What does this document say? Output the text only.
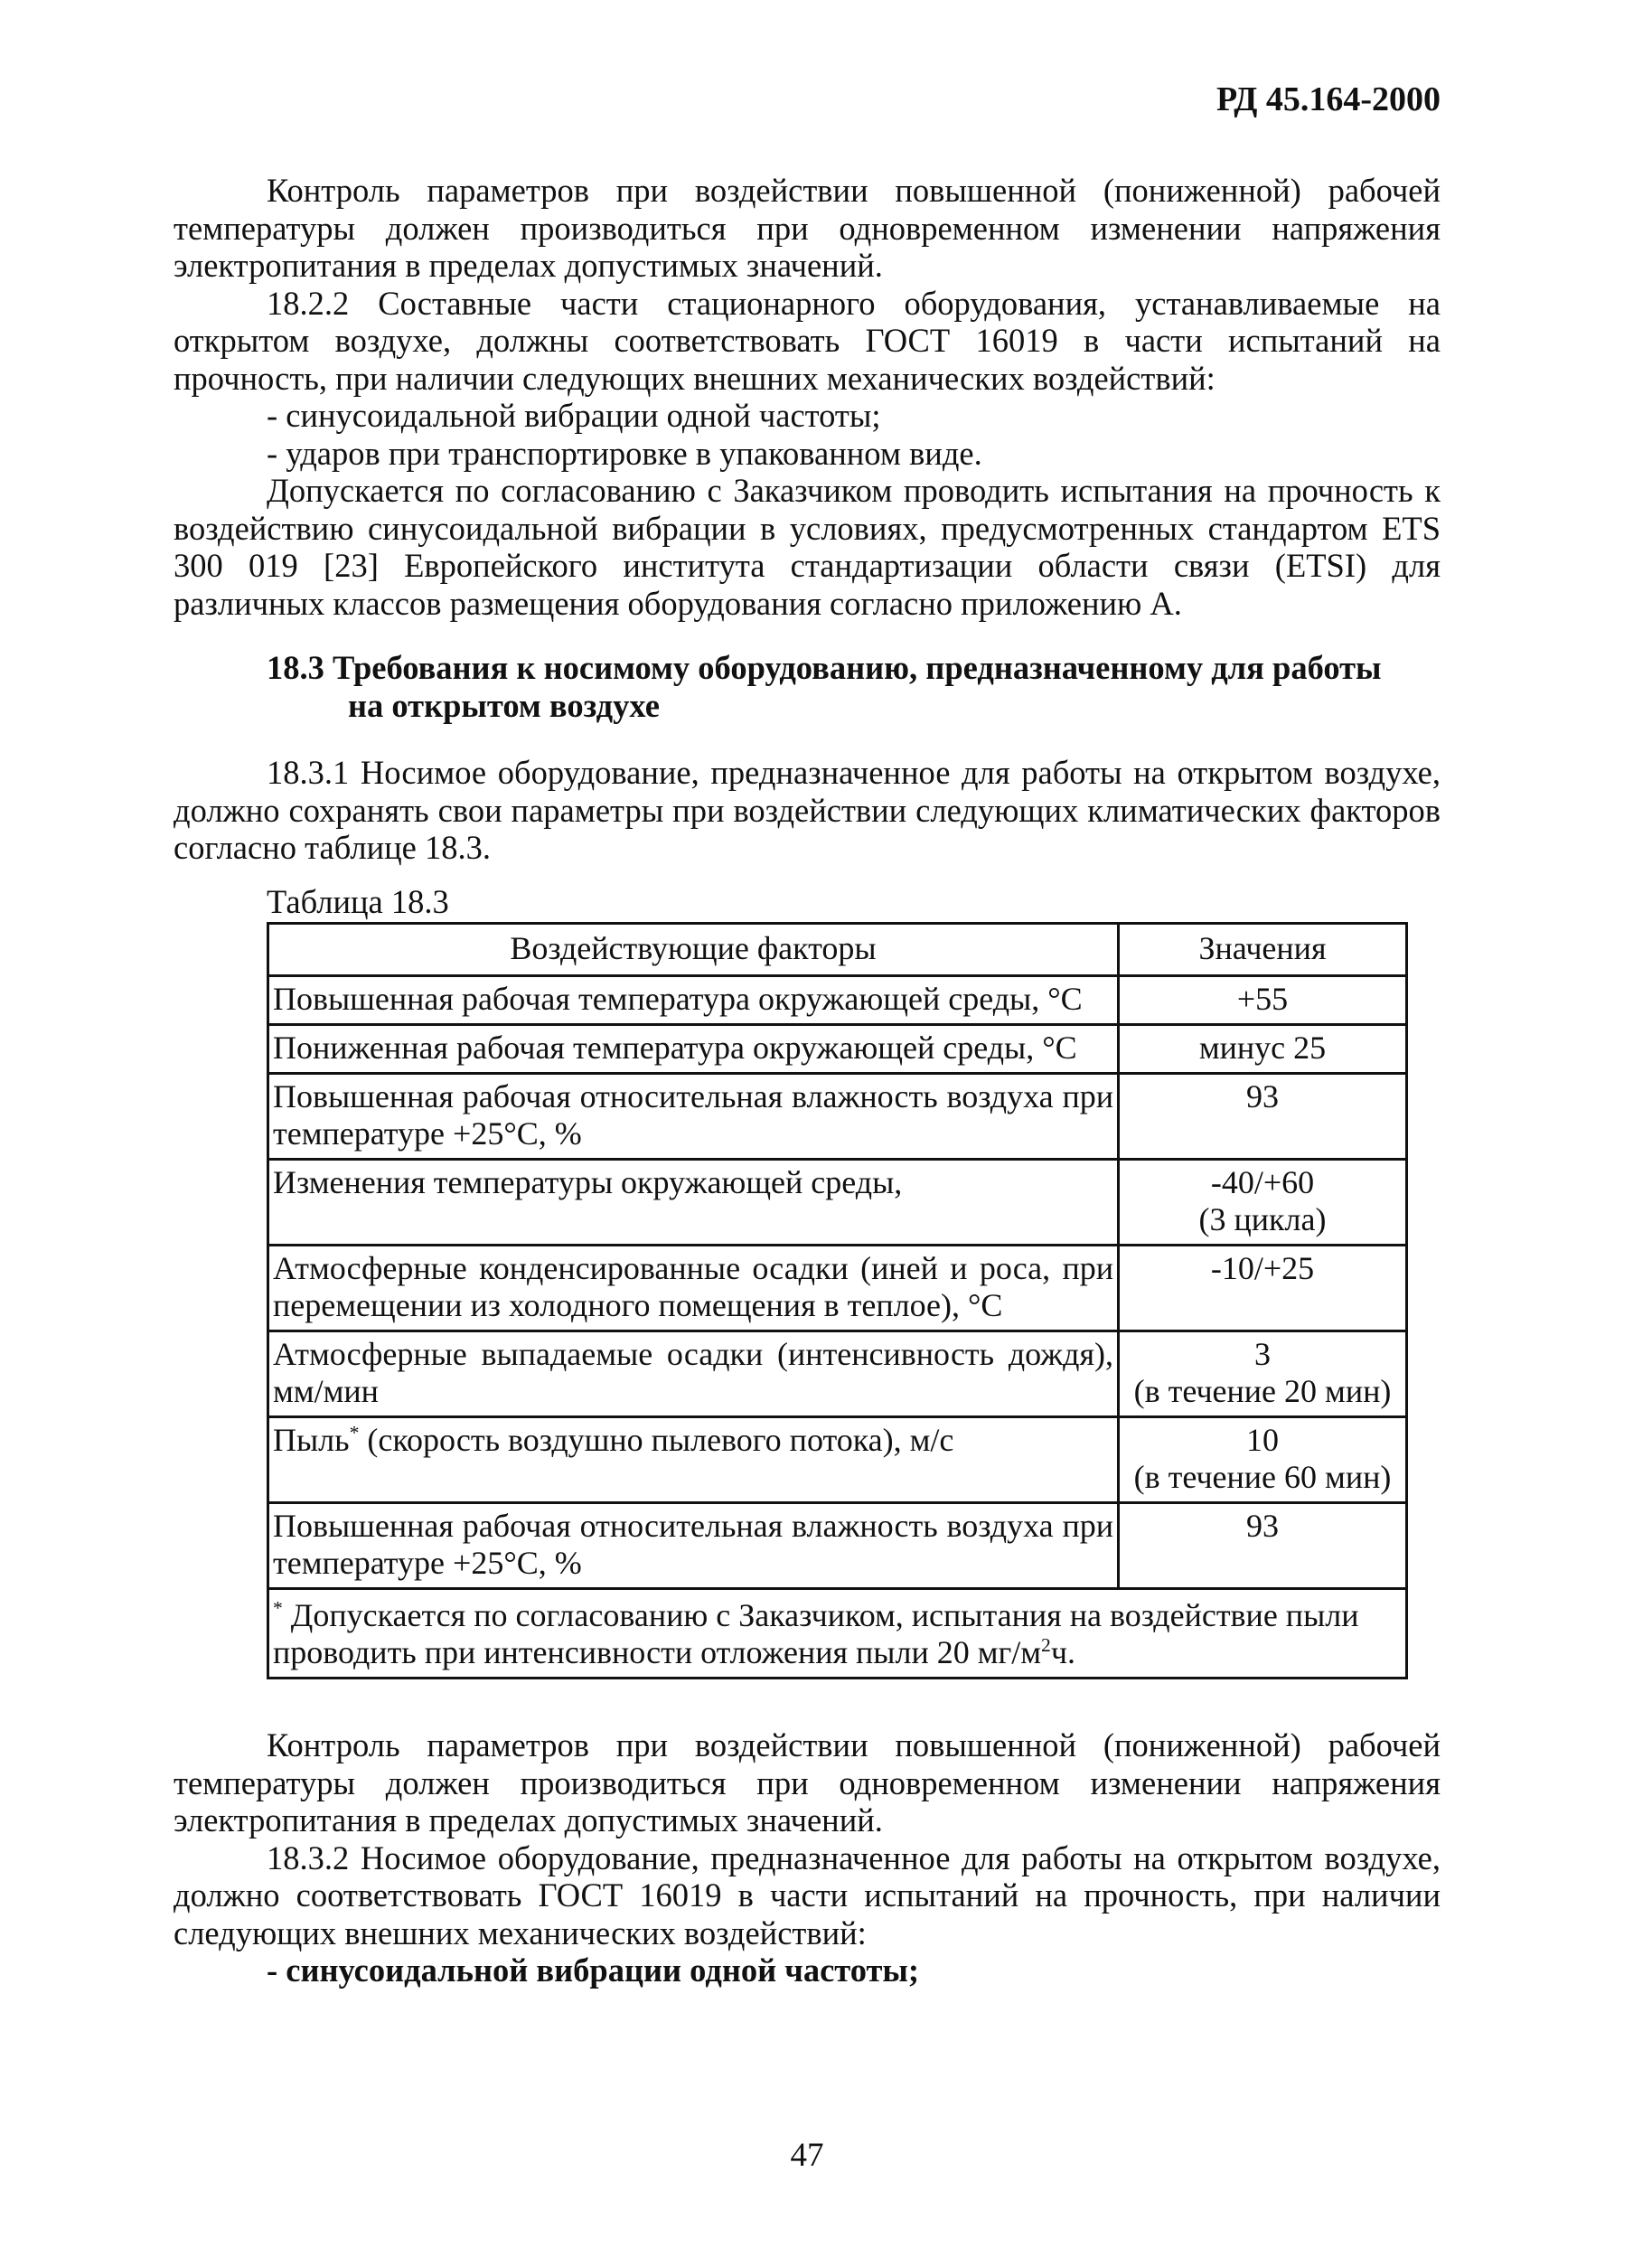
РД 45.164-2000

Контроль параметров при воздействии повышенной (пониженной) рабочей температуры должен производиться при одновременном изменении напряжения электропитания в пределах допустимых значений.

18.2.2 Составные части стационарного оборудования, устанавливаемые на открытом воздухе, должны соответствовать ГОСТ 16019 в части испытаний на прочность, при наличии следующих внешних механических воздействий:

- синусоидальной вибрации одной частоты;

- ударов при транспортировке в упакованном виде.

Допускается по согласованию с Заказчиком проводить испытания на прочность к воздействию синусоидальной вибрации в условиях, предусмотренных стандартом ETS 300 019 [23] Европейского института стандартизации области связи (ETSI) для различных классов размещения оборудования согласно приложению А.

18.3 Требования к носимому оборудованию, предназначенному для работы
на открытом воздухе

18.3.1 Носимое оборудование, предназначенное для работы на открытом воздухе, должно сохранять свои параметры при воздействии следующих климатических факторов согласно таблице 18.3.

Таблица 18.3

Воздействующие факторы	Значения
Повышенная рабочая температура окружающей среды, °С	+55

Пониженная рабочая температура окружающей среды, °С	минус 25

Повышенная рабочая относительная влажность воздуха при температуре +25°С, %	93

Изменения температуры окружающей среды,	-40/+60
(3 цикла)

Атмосферные конденсированные осадки (иней и роса, при перемещении из холодного помещения в теплое), °С	-10/+25

Атмосферные выпадаемые осадки (интенсивность дождя), мм/мин	3
(в течение 20 мин)

Пыль* (скорость воздушно пылевого потока), м/с	10
(в течение 60 мин)

Повышенная рабочая относительная влажность воздуха при температуре +25°С, %	93

* Допускается по согласованию с Заказчиком, испытания на воздействие пыли проводить при интенсивности отложения пыли 20 $мг/м^2ч$.	

Контроль параметров при воздействии повышенной (пониженной) рабочей температуры должен производиться при одновременном изменении напряжения электропитания в пределах допустимых значений.

18.3.2 Носимое оборудование, предназначенное для работы на открытом воздухе, должно соответствовать ГОСТ 16019 в части испытаний на прочность, при наличии следующих внешних механических воздействий:

- синусоидальной вибрации одной частоты;

47
